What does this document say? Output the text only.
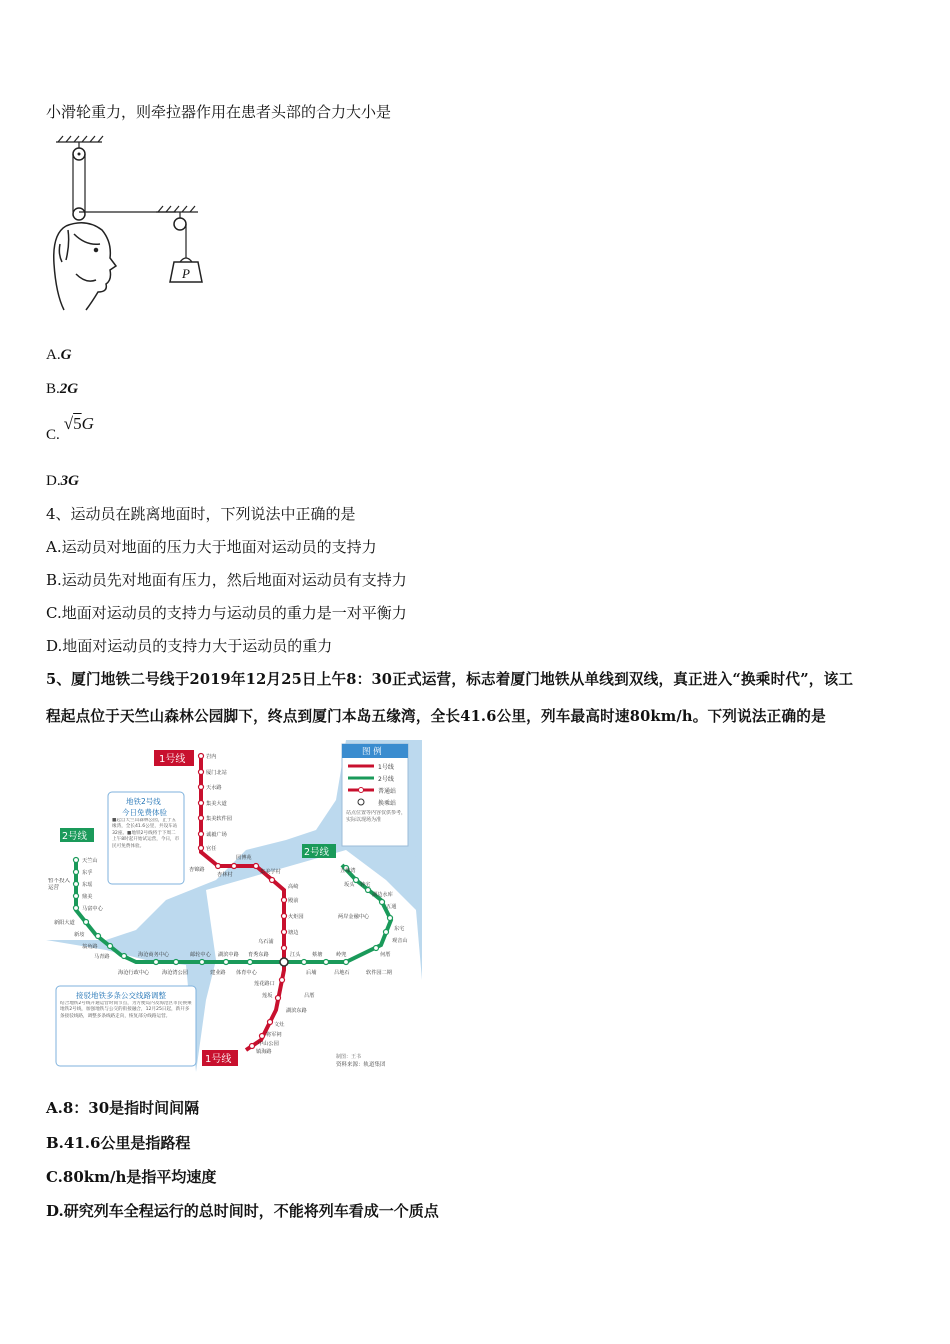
小滑轮重力，则牵拉器作用在患者头部的合力大小是
P
A.G
B.2G
C.√5G
D.3G
4、运动员在跳离地面时，下列说法中正确的是
A.运动员对地面的压力大于地面对运动员的支持力
B.运动员先对地面有压力，然后地面对运动员有支持力
C.地面对运动员的支持力与运动员的重力是一对平衡力
D.地面对运动员的支持力大于运动员的重力
5、厦门地铁二号线于2019年12月25日上午8：30正式运营，标志着厦门地铁从单线到双线，真正进入“换乘时代”，该工
程起点位于天竺山森林公园脚下，终点到厦门本岛五缘湾，全长41.6公里，列车最高时速80km/h。下列说法正确的是
1号线
2号线
2号线
1号线
图 例
1号线
2号线
普通站
换乘站
站点位置等内容仅供参考，实际以现场为准
地铁2号线
今日免费体验
■起自天竺山森林公园，止于五缘湾，全长41.6公里，共设车站32座。■地铁2号线将于下周二上午8时起开始试运营，今日，市民可免费体验。
接驳地铁多条公交线路调整
结合地铁2号线开通运营时间节点，为方便岛内及海沧区市民换乘地铁2号线，加强地铁与公交的衔接融合，12月25日起，新开多条接驳线路，调整多条线路走向，恢复部分线路运营。
暂不投入运营
岩内
厦门北站
天水路
集美大道
集美软件园
诚毅广场
官任
园博苑
杏锦路
杏林村	集美学村
高崎
殿前
火炬园
塘边
乌石浦
吕厝
莲坂
湖滨东路
文灶
将军祠
中山公园
镇海路
莲花路口
天竺山
东孚
东瑶
鼎美
马富中心
新阳大道
新垵
翁角路
马青路
海沧湾公园
海沧行政中心
海沧商务中心	邮轮中心 湖滨中路
建业路 体育中心
育秀东路	江头
后埔
蔡塘
吕地石
岭兜
软件园二期
何厝
观音山
东宅
五通
两岸金融中心
湖边水库
坂头 钟宅
五缘湾
资料来源：轨道集团
制图：王书
A.8：30是指时间间隔
B.41.6公里是指路程
C.80km/h是指平均速度
D.研究列车全程运行的总时间时，不能将列车看成一个质点
